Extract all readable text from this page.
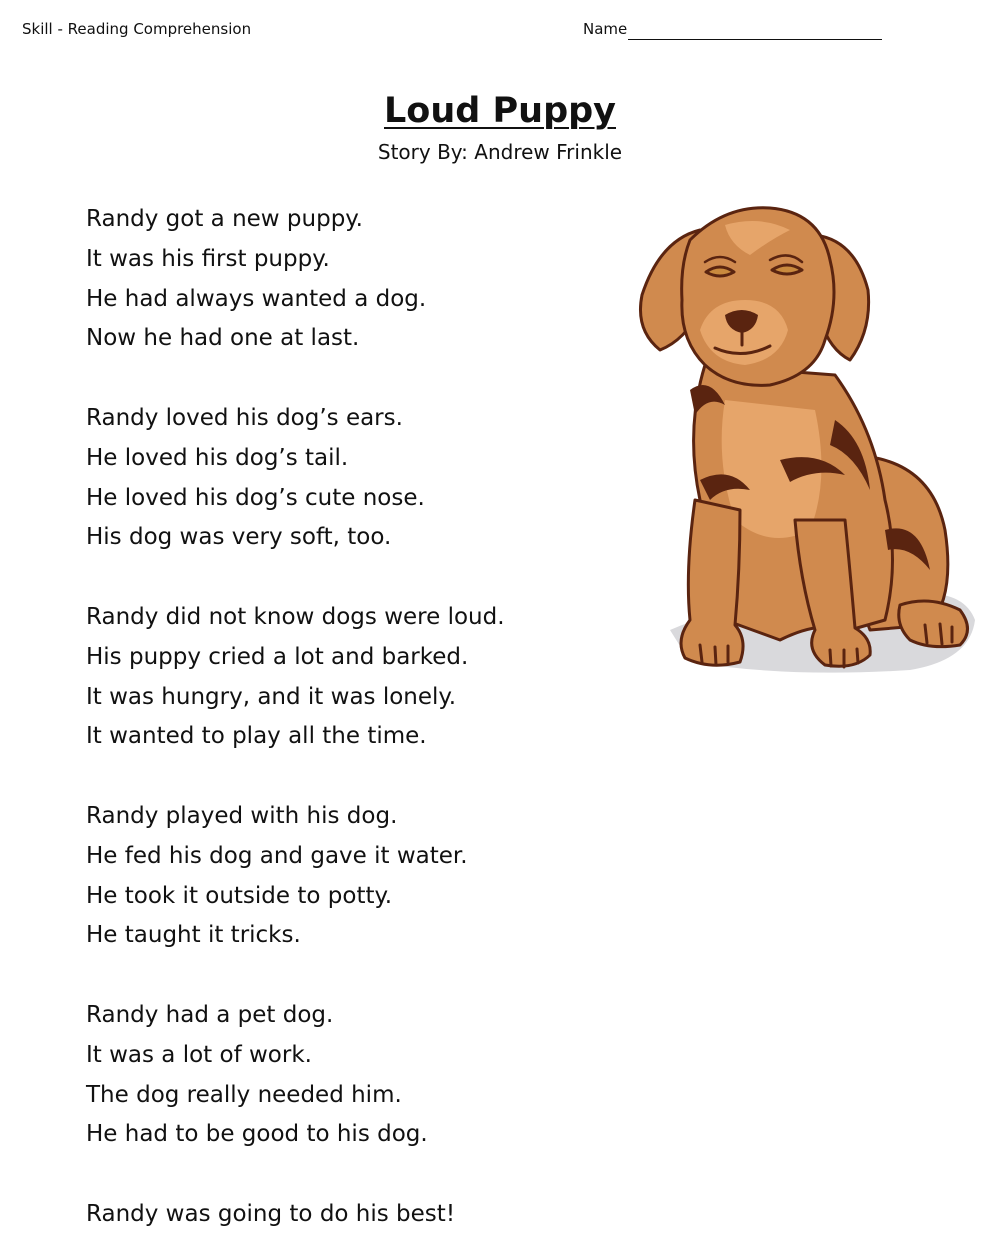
Skill - Reading Comprehension	Name
Loud Puppy
Story By: Andrew Frinkle
Randy got a new puppy.
It was his first puppy.
He had always wanted a dog.
Now he had one at last.
Randy loved his dog’s ears.
He loved his dog’s tail.
He loved his dog’s cute nose.
His dog was very soft, too.
Randy did not know dogs were loud.
His puppy cried a lot and barked.
It was hungry, and it was lonely.
It wanted to play all the time.
Randy played with his dog.
He fed his dog and gave it water.
He took it outside to potty.
He taught it tricks.
Randy had a pet dog.
It was a lot of work.
The dog really needed him.
He had to be good to his dog.
Randy was going to do his best!
